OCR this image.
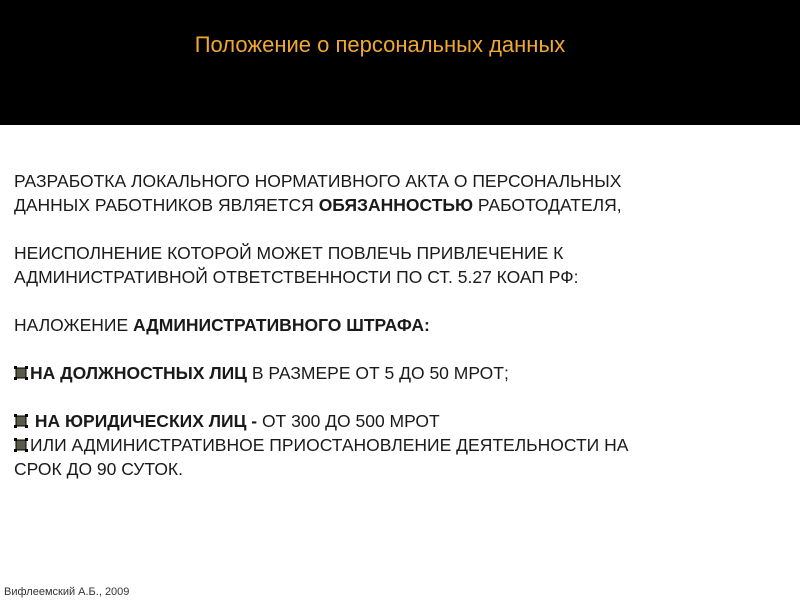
Положение о персональных данных

РАЗРАБОТКА ЛОКАЛЬНОГО НОРМАТИВНОГО АКТА О ПЕРСОНАЛЬНЫХ

ДАННЫХ РАБОТНИКОВ ЯВЛЯЕТСЯ ОБЯЗАННОСТЬЮ РАБОТОДАТЕЛЯ,

НЕИСПОЛНЕНИЕ КОТОРОЙ МОЖЕТ ПОВЛЕЧЬ ПРИВЛЕЧЕНИЕ К

АДМИНИСТРАТИВНОЙ ОТВЕТСТВЕННОСТИ ПО СТ. 5.27 КОАП РФ:

НАЛОЖЕНИЕ АДМИНИСТРАТИВНОГО ШТРАФА:

НА ДОЛЖНОСТНЫХ ЛИЦ В РАЗМЕРЕ ОТ 5 ДО 50 МРОТ;

НА ЮРИДИЧЕСКИХ ЛИЦ - ОТ 300 ДО 500 МРОТ

ИЛИ АДМИНИСТРАТИВНОЕ ПРИОСТАНОВЛЕНИЕ ДЕЯТЕЛЬНОСТИ НА

СРОК ДО 90 СУТОК.

Вифлеемский А.Б., 2009
